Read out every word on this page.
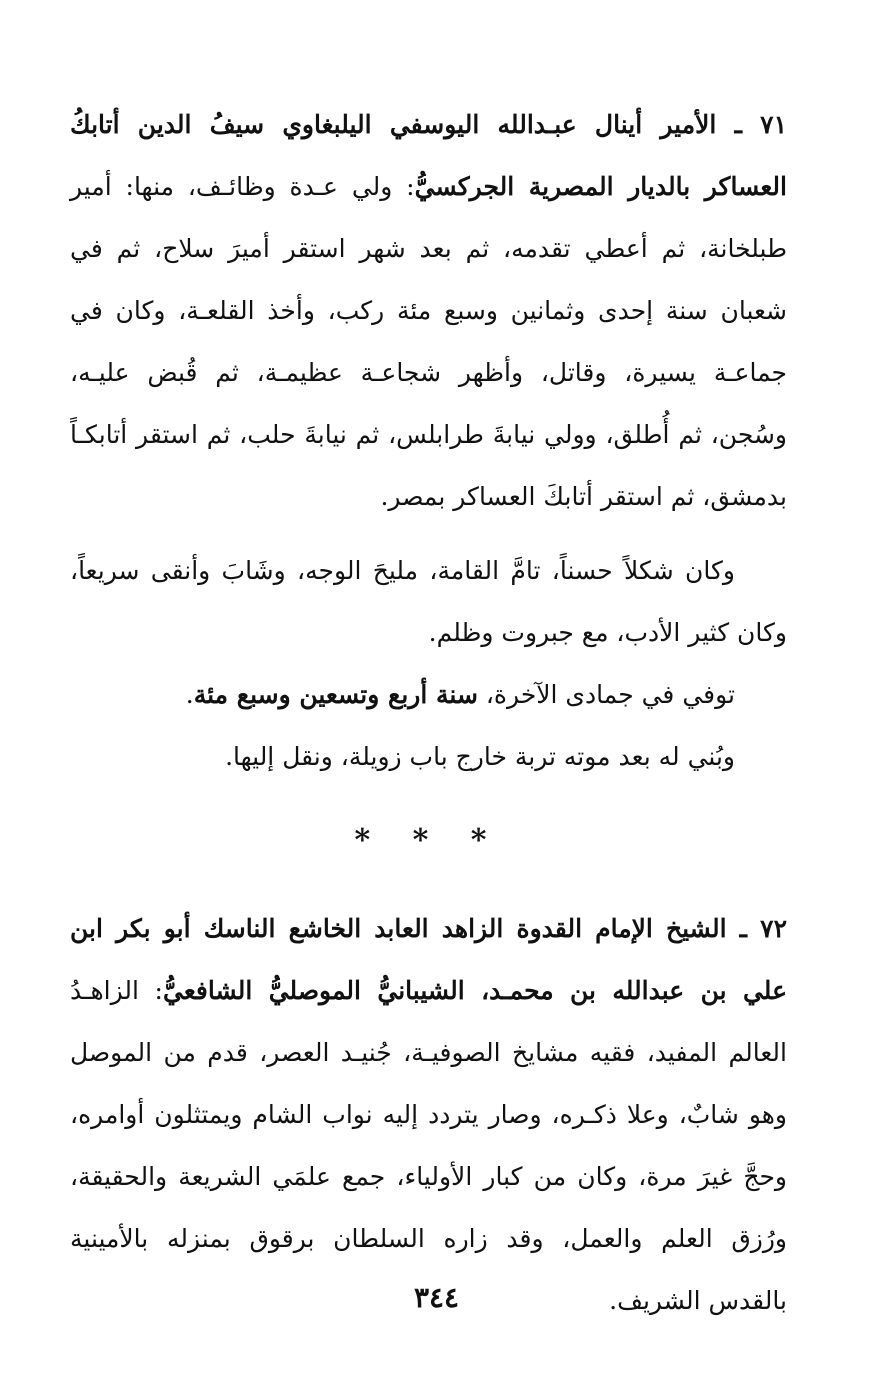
٧١ ـ الأمير أينال عبـدالله اليوسفي اليلبغاوي سيفُ الدين أتابكُ العساكر بالديار المصرية الجركسيُّ: ولي عـدة وظائـف، منها: أمير طبلخانة، ثم أعطي تقدمه، ثم بعد شهر استقر أميرَ سلاح، ثم في شعبان سنة إحدى وثمانين وسبع مئة ركب، وأخذ القلعـة، وكان في جماعـة يسيرة، وقاتل، وأظهر شجاعـة عظيمـة، ثم قُبض عليـه، وسُجن، ثم أُطلق، وولي نيابةَ طرابلس، ثم نيابةَ حلب، ثم استقر أتابكـاً بدمشق، ثم استقر أتابكَ العساكر بمصر.

وكان شكلاً حسناً، تامَّ القامة، مليحَ الوجه، وشَابَ وأنقى سريعاً، وكان كثير الأدب، مع جبروت وظلم.

توفي في جمادى الآخرة، سنة أربع وتسعين وسبع مئة.

وبُني له بعد موته تربة خارج باب زويلة، ونقل إليها.

* * *

٧٢ ـ الشيخ الإمام القدوة الزاهد العابد الخاشع الناسك أبو بكر ابن علي بن عبدالله بن محمـد، الشيبانيُّ الموصليُّ الشافعيُّ: الزاهـدُ العالم المفيد، فقيه مشايخ الصوفيـة، جُنيـد العصر، قدم من الموصل وهو شابٌ، وعلا ذكـره، وصار يتردد إليه نواب الشام ويمتثلون أوامره، وحجَّ غيرَ مرة، وكان من كبار الأولياء، جمع علمَي الشريعة والحقيقة، ورُزق العلم والعمل، وقد زاره السلطان برقوق بمنزله بالأمينية بالقدس الشريف.

٣٤٤
